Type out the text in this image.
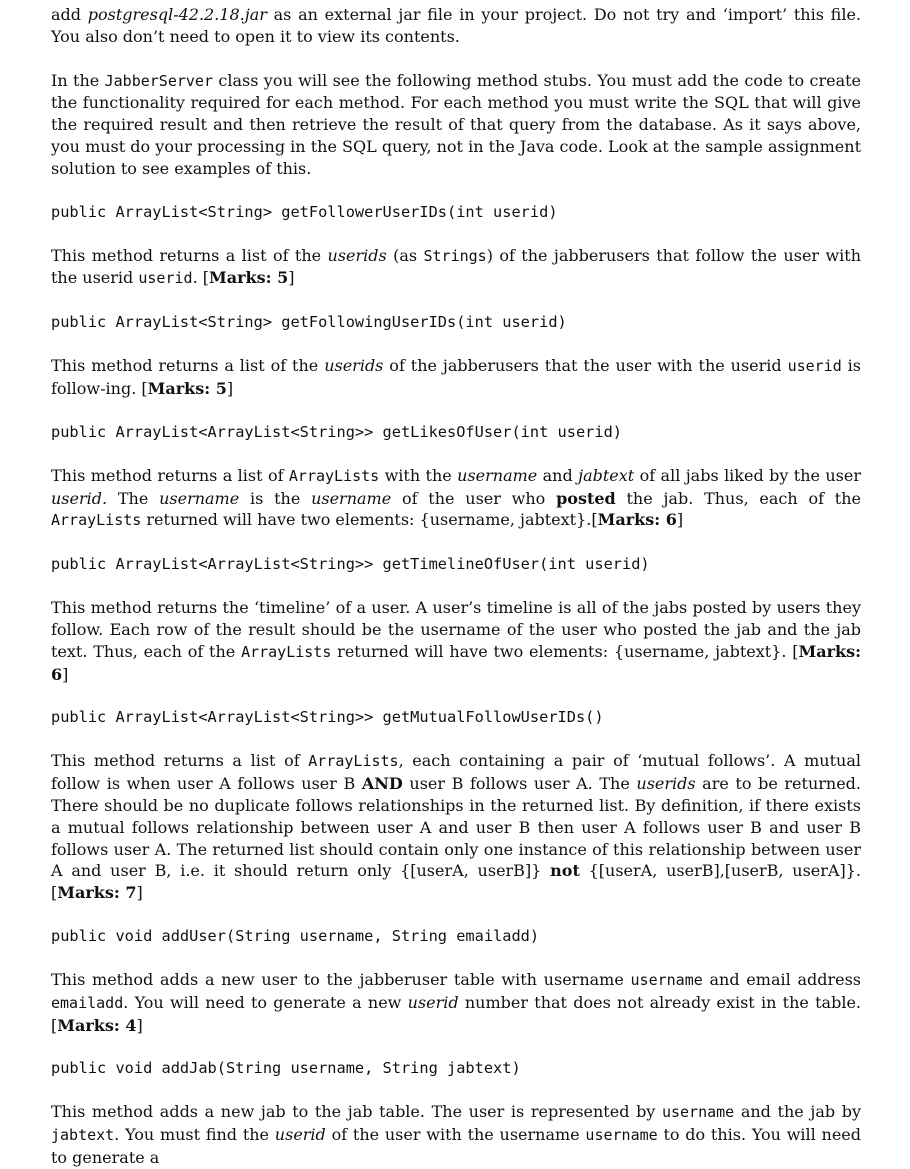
add postgresql-42.2.18.jar as an external jar file in your project. Do not try and ‘import’ this file. You also don’t need to open it to view its contents.

In the JabberServer class you will see the following method stubs. You must add the code to create the functionality required for each method. For each method you must write the SQL that will give the required result and then retrieve the result of that query from the database. As it says above, you must do your processing in the SQL query, not in the Java code. Look at the sample assignment solution to see examples of this.

public ArrayList<String> getFollowerUserIDs(int userid)

This method returns a list of the userids (as Strings) of the jabberusers that follow the user with the userid userid. [Marks: 5]

public ArrayList<String> getFollowingUserIDs(int userid)

This method returns a list of the userids of the jabberusers that the user with the userid userid is follow-ing. [Marks: 5]

public ArrayList<ArrayList<String>> getLikesOfUser(int userid)

This method returns a list of ArrayLists with the username and jabtext of all jabs liked by the user userid. The username is the username of the user who posted the jab. Thus, each of the ArrayLists returned will have two elements: {username, jabtext}.[Marks: 6]

public ArrayList<ArrayList<String>> getTimelineOfUser(int userid)

This method returns the ‘timeline’ of a user. A user’s timeline is all of the jabs posted by users they follow. Each row of the result should be the username of the user who posted the jab and the jab text. Thus, each of the ArrayLists returned will have two elements: {username, jabtext}. [Marks: 6]

public ArrayList<ArrayList<String>> getMutualFollowUserIDs()

This method returns a list of ArrayLists, each containing a pair of ‘mutual follows’. A mutual follow is when user A follows user B AND user B follows user A. The userids are to be returned. There should be no duplicate follows relationships in the returned list. By definition, if there exists a mutual follows relationship between user A and user B then user A follows user B and user B follows user A. The returned list should contain only one instance of this relationship between user A and user B, i.e. it should return only {[userA, userB]} not {[userA, userB],[userB, userA]}. [Marks: 7]

public void addUser(String username, String emailadd)

This method adds a new user to the jabberuser table with username username and email address emailadd. You will need to generate a new userid number that does not already exist in the table. [Marks: 4]

public void addJab(String username, String jabtext)

This method adds a new jab to the jab table. The user is represented by username and the jab by jabtext. You must find the userid of the user with the username username to do this. You will need to generate a
